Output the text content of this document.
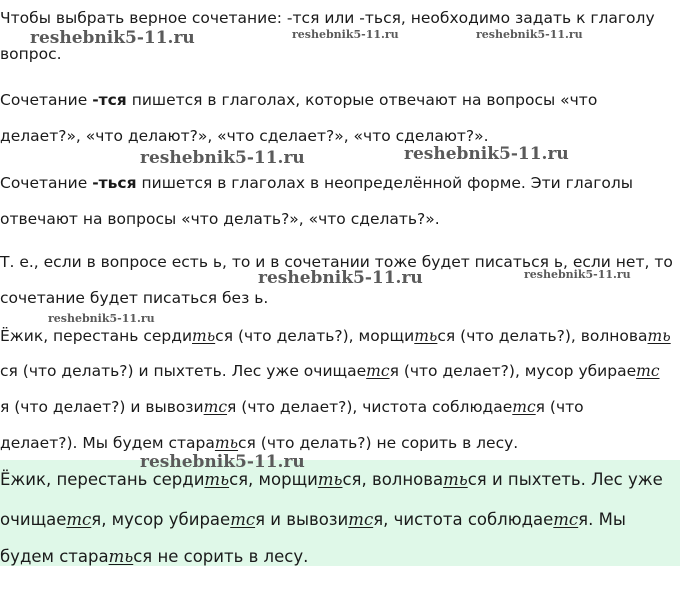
Чтобы выбрать верное сочетание: -тся или -ться, необходимо задать к глаголу
вопрос.
Сочетание -тся пишется в глаголах, которые отвечают на вопросы «что
делает?», «что делают?», «что сделает?», «что сделают?».
Сочетание -ться пишется в глаголах в неопределённой форме. Эти глаголы
отвечают на вопросы «что делать?», «что сделать?».
Т. е., если в вопросе есть ь, то и в сочетании тоже будет писаться ь, если нет, то
сочетание будет писаться без ь.
Ёжик, перестань сердиться (что делать?), морщиться (что делать?), волновать
ся (что делать?) и пыхтеть. Лес уже очищается (что делает?), мусор убираетс
я (что делает?) и вывозится (что делает?), чистота соблюдается (что
делает?). Мы будем стараться (что делать?) не сорить в лесу.
Ёжик, перестань сердиться, морщиться, волноваться и пыхтеть. Лес уже
очищается, мусор убирается и вывозится, чистота соблюдается. Мы
будем стараться не сорить в лесу.
reshebnik5-11.ru	reshebnik5-11.ru	reshebnik5-11.ru
reshebnik5-11.ru	reshebnik5-11.ru
reshebnik5-11.ru	reshebnik5-11.ru
reshebnik5-11.ru
reshebnik5-11.ru
